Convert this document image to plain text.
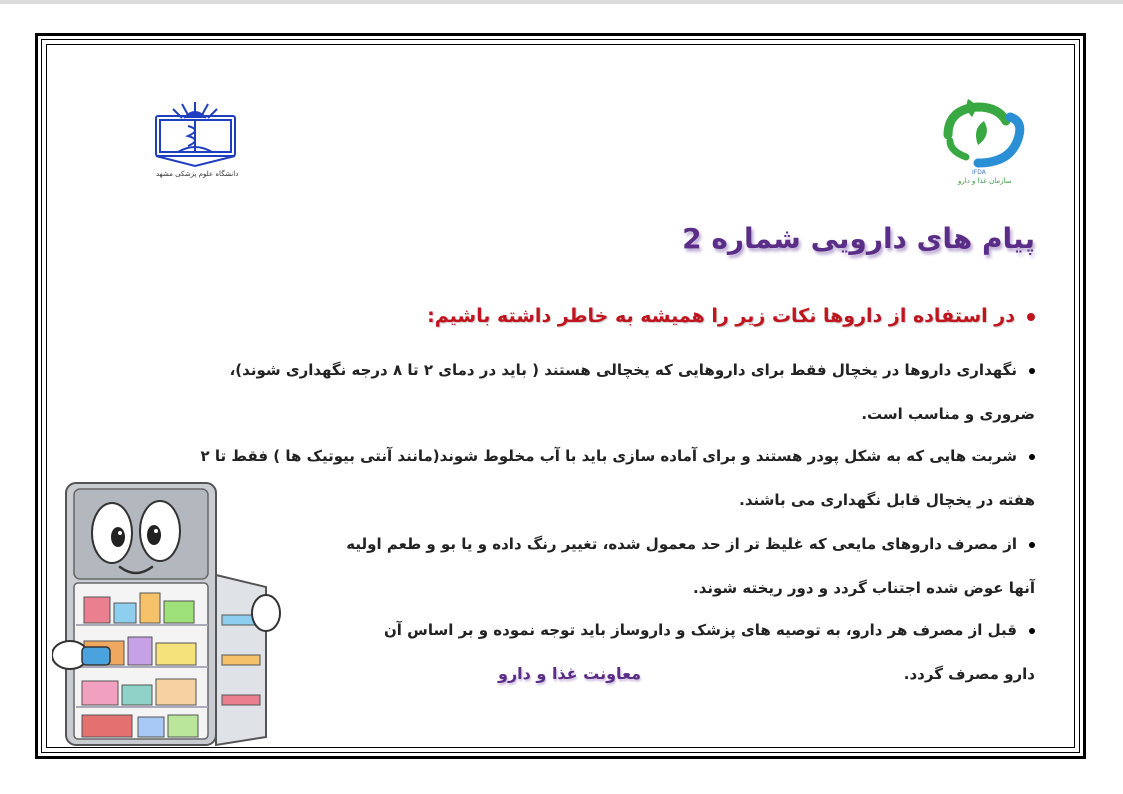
دانشگاه علوم پزشکی مشهد	IFDA
سازمان غذا و دارو
پیام های دارویی شماره 2
در استفاده از داروها نکات زیر را همیشه به خاطر داشته باشیم:
نگهداری داروها در یخچال فقط برای داروهایی که یخچالی هستند ( باید در دمای ۲ تا ۸ درجه نگهداری شوند)،
ضروری و مناسب است.
شربت هایی که به شکل پودر هستند و برای آماده سازی باید با آب مخلوط شوند(مانند آنتی بیوتیک ها ) فقط تا ۲
هفته در یخچال قابل نگهداری می باشند.
از مصرف داروهای مایعی که غلیظ تر از حد معمول شده، تغییر رنگ داده و یا بو و طعم اولیه
آنها عوض شده اجتناب گردد و دور ریخته شوند.
قبل از مصرف هر دارو، به توصیه های پزشک و داروساز باید توجه نموده و بر اساس آن
دارو مصرف گردد.
معاونت غذا و دارو
